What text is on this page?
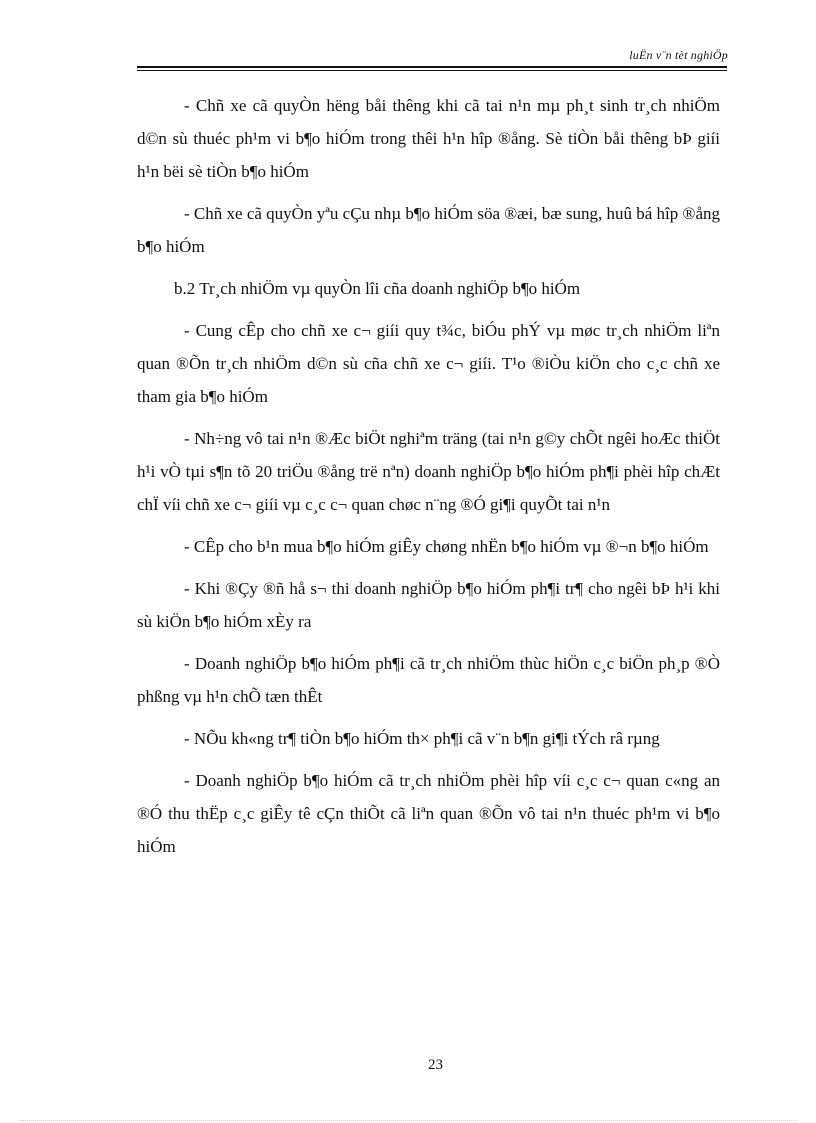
luËn v¨n tèt nghiÖp

- Chñ xe cã quyÒn hëng båi thêng khi cã tai n¹n mµ ph¸t sinh tr¸ch nhiÖm d©n sù thuéc ph¹m vi b¶o hiÓm trong thêi h¹n hîp ®ång. Sè tiÒn båi thêng bÞ giíi h¹n bëi sè tiÒn b¶o hiÓm

- Chñ xe cã quyÒn yªu cÇu nhµ b¶o hiÓm söa ®æi, bæ sung, huû bá hîp ®ång b¶o hiÓm

b.2 Tr¸ch nhiÖm vµ quyÒn lîi cña doanh nghiÖp b¶o hiÓm

- Cung cÊp cho chñ xe c¬ giíi quy t¾c, biÓu phÝ vµ møc tr¸ch nhiÖm liªn quan ®Õn tr¸ch nhiÖm d©n sù cña chñ xe c¬ giíi. T¹o ®iÒu kiÖn cho c¸c chñ xe tham gia b¶o hiÓm

- Nh÷ng vô tai n¹n ®Æc biÖt nghiªm träng (tai n¹n g©y chÕt ngêi hoÆc thiÖt h¹i vÒ tµi s¶n tõ 20 triÖu ®ång trë nªn) doanh nghiÖp b¶o hiÓm ph¶i phèi hîp chÆt chÏ víi chñ xe c¬ giíi vµ c¸c c¬ quan chøc n¨ng ®Ó gi¶i quyÕt tai n¹n

- CÊp cho b¹n mua b¶o hiÓm giÊy chøng nhËn b¶o hiÓm vµ ®¬n b¶o hiÓm

- Khi ®Çy ®ñ hå s¬ thi doanh nghiÖp b¶o hiÓm ph¶i tr¶ cho ngêi bÞ h¹i khi sù kiÖn b¶o hiÓm xÈy ra

- Doanh nghiÖp b¶o hiÓm ph¶i cã tr¸ch nhiÖm thùc hiÖn c¸c biÖn ph¸p ®Ò phßng vµ h¹n chÕ tæn thÊt

- NÕu kh«ng tr¶ tiÒn b¶o hiÓm th× ph¶i cã v¨n b¶n gi¶i tÝch râ rµng

- Doanh nghiÖp b¶o hiÓm cã tr¸ch nhiÖm phèi hîp víi c¸c c¬ quan c«ng an ®Ó thu thËp c¸c giÊy tê cÇn thiÕt cã liªn quan ®Õn vô tai n¹n thuéc ph¹m vi b¶o hiÓm

23
